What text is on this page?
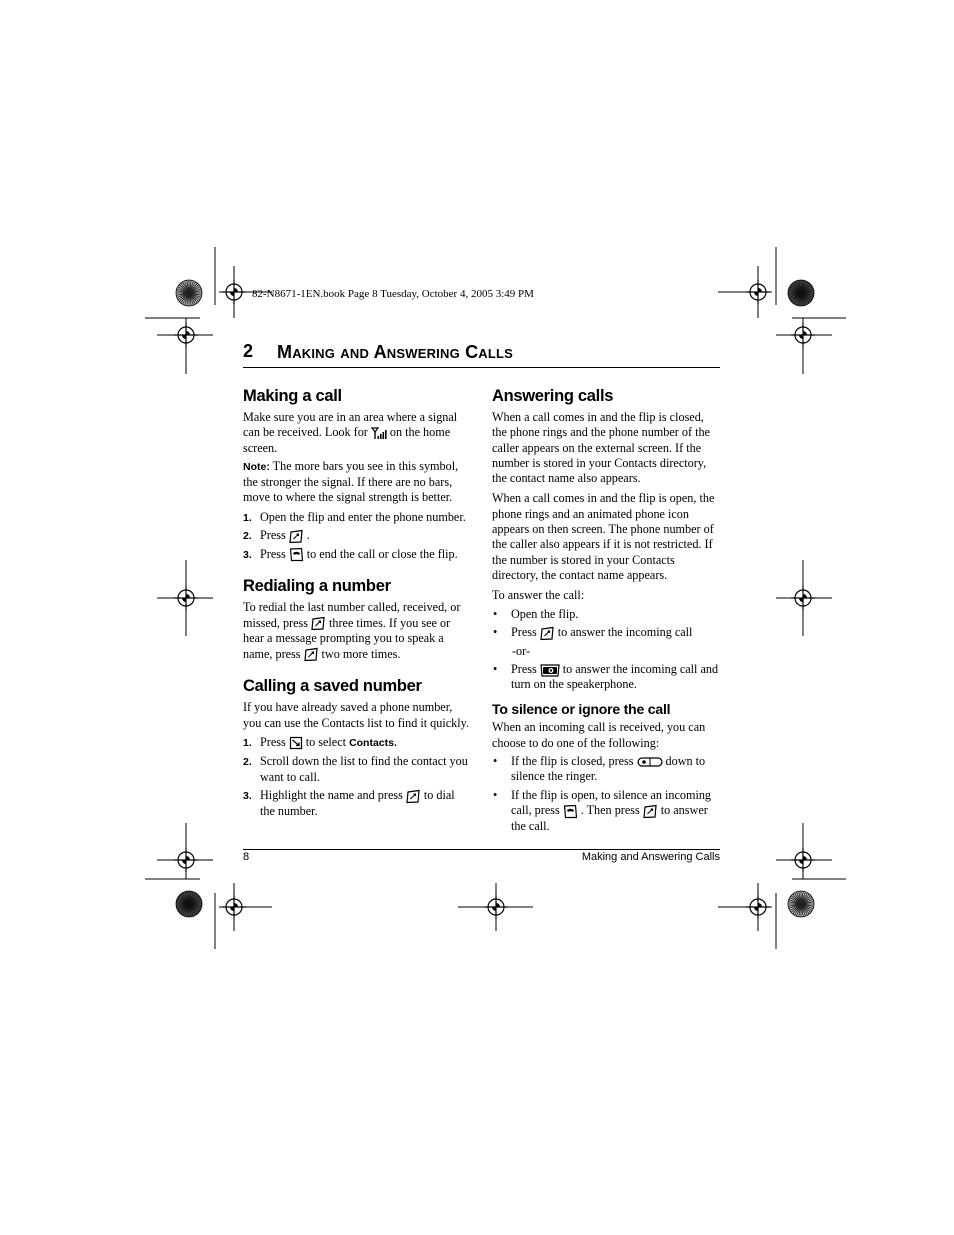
82-N8671-1EN.book Page 8 Tuesday, October 4, 2005 3:49 PM
2 Making and Answering Calls
Making a call

Make sure you are in an area where a signal can be received. Look for on the home screen.

Note: The more bars you see in this symbol, the stronger the signal. If there are no bars, move to where the signal strength is better.

1. Open the flip and enter the phone number.
2. Press .
3. Press to end the call or close the flip.
Redialing a number

To redial the last number called, received, or missed, press three times. If you see or hear a message prompting you to speak a name, press two more times.

Calling a saved number

If you have already saved a phone number, you can use the Contacts list to find it quickly.

1. Press to select Contacts.
2. Scroll down the list to find the contact you want to call.
3. Highlight the name and press to dial the number.
Answering calls

When a call comes in and the flip is closed, the phone rings and the phone number of the caller appears on the external screen. If the number is stored in your Contacts directory, the contact name also appears.

When a call comes in and the flip is open, the phone rings and an animated phone icon appears on then screen. The phone number of the caller also appears if it is not restricted. If the number is stored in your Contacts directory, the contact name appears.

To answer the call:

• Open the flip.
• Press to answer the incoming call
-or-
• Press to answer the incoming call and turn on the speakerphone.
To silence or ignore the call

When an incoming call is received, you can choose to do one of the following:

• If the flip is closed, press	down to silence the ringer.
• If the flip is open, to silence an incoming call, press . Then press to answer the call.
8	Making and Answering Calls
